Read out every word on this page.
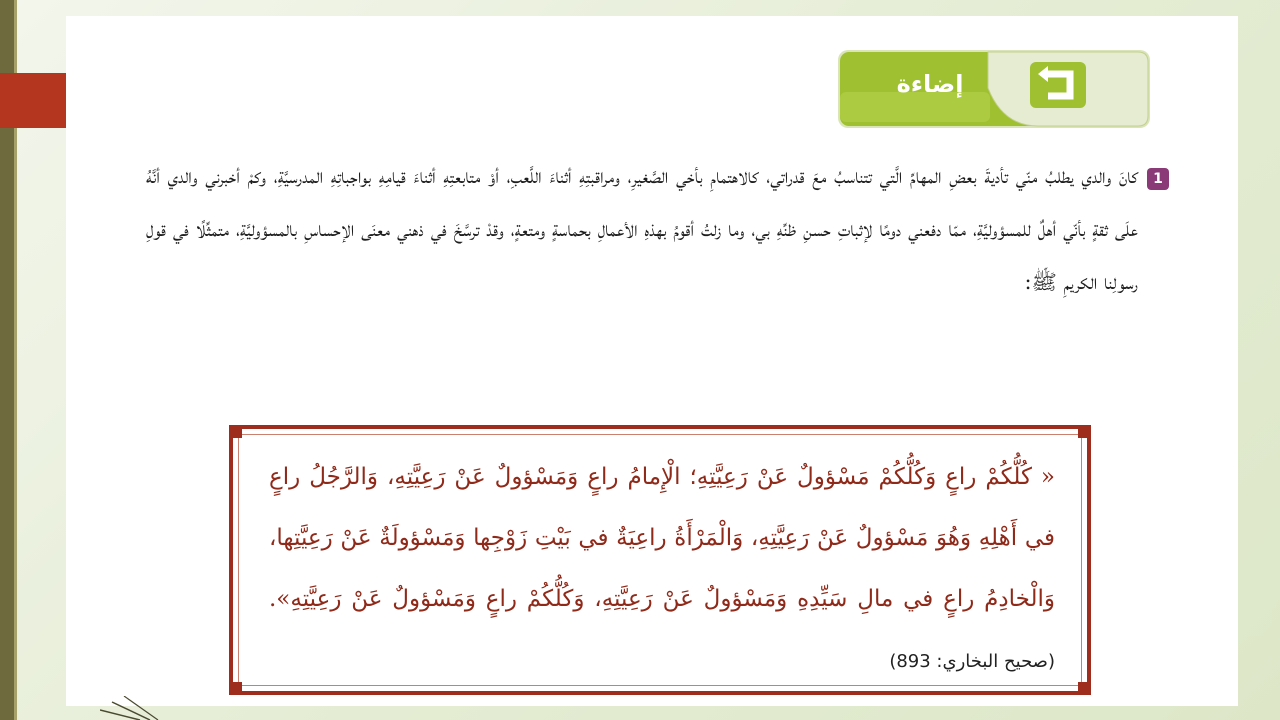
إضاءة
1

كانَ والدي يطلبُ منّي تأديةَ بعضِ المهامِّ الَّتي تتناسبُ معَ قدراتي، كالاهتمامِ بأخي الصَّغيرِ، ومراقبتِهِ أثناءَ اللَّعبِ، أوْ متابعتِهِ أثناءَ قيامِهِ بواجباتِهِ المدرسيَّةِ، وكمْ أخبرني والدي أنَّهُ علَى ثقةٍ بأنّي أهلٌ للمسؤوليَّةِ، ممّا دفعني دومًا لإثباتِ حسنِ ظنِّهِ بي، وما زلتُ أقومُ بهذهِ الأعمالِ بحماسةٍ ومتعةٍ، وقدْ ترسَّخَ في ذهني معنَى الإحساسِ بالمسؤوليَّةِ، متمثِّلًا في قولِ رسولِنا الكريمِ ﷺ:

« كُلُّكُمْ راعٍ وَكُلُّكُمْ مَسْؤولٌ عَنْ رَعِيَّتِهِ؛ الْإِمامُ راعٍ وَمَسْؤولٌ عَنْ رَعِيَّتِهِ، وَالرَّجُلُ راعٍ في أَهْلِهِ وَهُوَ مَسْؤولٌ عَنْ رَعِيَّتِهِ، وَالْمَرْأَةُ راعِيَةٌ في بَيْتِ زَوْجِها وَمَسْؤولَةٌ عَنْ رَعِيَّتِها، وَالْخادِمُ راعٍ في مالِ سَيِّدِهِ وَمَسْؤولٌ عَنْ رَعِيَّتِهِ، وَكُلُّكُمْ راعٍ وَمَسْؤولٌ عَنْ رَعِيَّتِهِ». (صحيح البخاري: 893)
